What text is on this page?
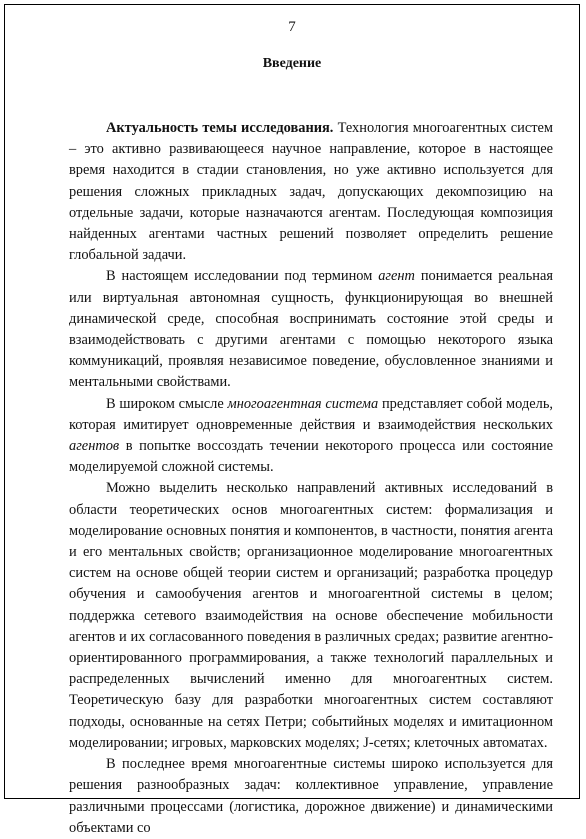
7
Введение

Актуальность темы исследования. Технология многоагентных систем – это активно развивающееся научное направление, которое в настоящее время находится в стадии становления, но уже активно используется для решения сложных прикладных задач, допускающих декомпозицию на отдельные задачи, которые назначаются агентам. Последующая композиция найденных агентами частных решений позволяет определить решение глобальной задачи.

В настоящем исследовании под термином агент понимается реальная или виртуальная автономная сущность, функционирующая во внешней динамической среде, способная воспринимать состояние этой среды и взаимодействовать с другими агентами с помощью некоторого языка коммуникаций, проявляя независимое поведение, обусловленное знаниями и ментальными свойствами.

В широком смысле многоагентная система представляет собой модель, которая имитирует одновременные действия и взаимодействия нескольких агентов в попытке воссоздать течении некоторого процесса или состояние моделируемой сложной системы.

Можно выделить несколько направлений активных исследований в области теоретических основ многоагентных систем: формализация и моделирование основных понятия и компонентов, в частности, понятия агента и его ментальных свойств; организационное моделирование многоагентных систем на основе общей теории систем и организаций; разработка процедур обучения и самообучения агентов и многоагентной системы в целом; поддержка сетевого взаимодействия на основе обеспечение мобильности агентов и их согласованного поведения в различных средах; развитие агентно-ориентированного программирования, а также технологий параллельных и распределенных вычислений именно для многоагентных систем. Теоретическую базу для разработки многоагентных систем составляют подходы, основанные на сетях Петри; событийных моделях и имитационном моделировании; игровых, марковских моделях; J-сетях; клеточных автоматах.

В последнее время многоагентные системы широко используется для решения разнообразных задач: коллективное управление, управление различными процессами (логистика, дорожное движение) и динамическими объектами со
